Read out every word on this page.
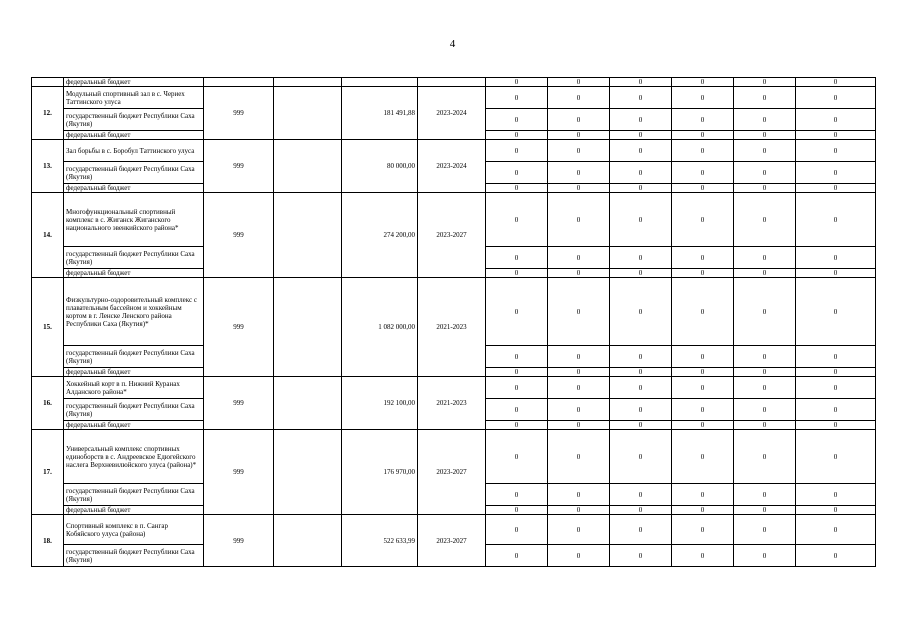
4
	федеральный бюджет					0	0	0	0	0	0
12.	Модульный спортивный зал в с. Чериех Таттинского улуса	999		181 491,88	2023-2024	0	0	0	0	0	0
	государственный бюджет Республики Саха (Якутия)					0	0	0	0	0	0
	федеральный бюджет					0	0	0	0	0	0
13.	Зал борьбы в с. Боробул Таттинского улуса	999		80 000,00	2023-2024	0	0	0	0	0	0
	государственный бюджет Республики Саха (Якутия)					0	0	0	0	0	0
	федеральный бюджет					0	0	0	0	0	0
14.	Многофункциональный спортивный комплекс в с. Жиганск Жиганского национального эвенкийского района*	999		274 200,00	2023-2027	0	0	0	0	0	0
	государственный бюджет Республики Саха (Якутия)					0	0	0	0	0	0
	федеральный бюджет					0	0	0	0	0	0
15.	Физкультурно-оздоровительный комплекс с плавательным бассейном и хоккейным кортом в г. Ленске Ленского района Республики Саха (Якутия)*	999		1 082 000,00	2021-2023	0	0	0	0	0	0
	государственный бюджет Республики Саха (Якутия)					0	0	0	0	0	0
	федеральный бюджет					0	0	0	0	0	0
16.	Хоккейный корт в п. Нижний Куранах Алданского района*	999		192 100,00	2021-2023	0	0	0	0	0	0
	государственный бюджет Республики Саха (Якутия)					0	0	0	0	0	0
	федеральный бюджет					0	0	0	0	0	0
17.	Универсальный комплекс спортивных единоборств в с. Андреевское Едюгейского наслега Верхневилюйского улуса (района)*	999		176 970,00	2023-2027	0	0	0	0	0	0
	государственный бюджет Республики Саха (Якутия)					0	0	0	0	0	0
	федеральный бюджет					0	0	0	0	0	0
18.	Спортивный комплекс в п. Сангар Кобяйского улуса (района)	999		522 633,99	2023-2027	0	0	0	0	0	0
	государственный бюджет Республики Саха (Якутия)					0	0	0	0	0	0
